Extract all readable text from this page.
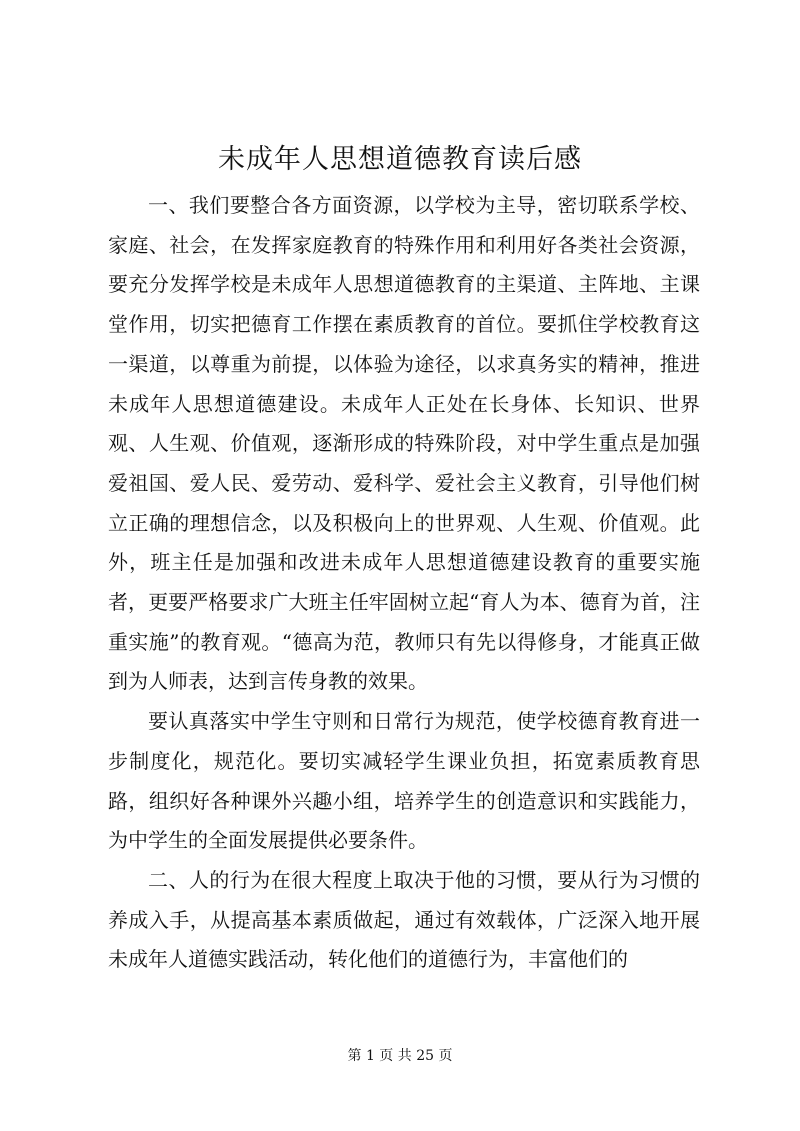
未成年人思想道德教育读后感

一、我们要整合各方面资源，以学校为主导，密切联系学校、家庭、社会，在发挥家庭教育的特殊作用和利用好各类社会资源，要充分发挥学校是未成年人思想道德教育的主渠道、主阵地、主课堂作用，切实把德育工作摆在素质教育的首位。要抓住学校教育这一渠道，以尊重为前提，以体验为途径，以求真务实的精神，推进未成年人思想道德建设。未成年人正处在长身体、长知识、世界观、人生观、价值观，逐渐形成的特殊阶段，对中学生重点是加强爱祖国、爱人民、爱劳动、爱科学、爱社会主义教育，引导他们树立正确的理想信念，以及积极向上的世界观、人生观、价值观。此外，班主任是加强和改进未成年人思想道德建设教育的重要实施者，更要严格要求广大班主任牢固树立起“育人为本、德育为首，注重实施”的教育观。“德高为范，教师只有先以得修身，才能真正做到为人师表，达到言传身教的效果。

要认真落实中学生守则和日常行为规范，使学校德育教育进一步制度化，规范化。要切实减轻学生课业负担，拓宽素质教育思路，组织好各种课外兴趣小组，培养学生的创造意识和实践能力，为中学生的全面发展提供必要条件。

二、人的行为在很大程度上取决于他的习惯，要从行为习惯的养成入手，从提高基本素质做起，通过有效载体，广泛深入地开展未成年人道德实践活动，转化他们的道德行为，丰富他们的

第 1 页 共 25 页
